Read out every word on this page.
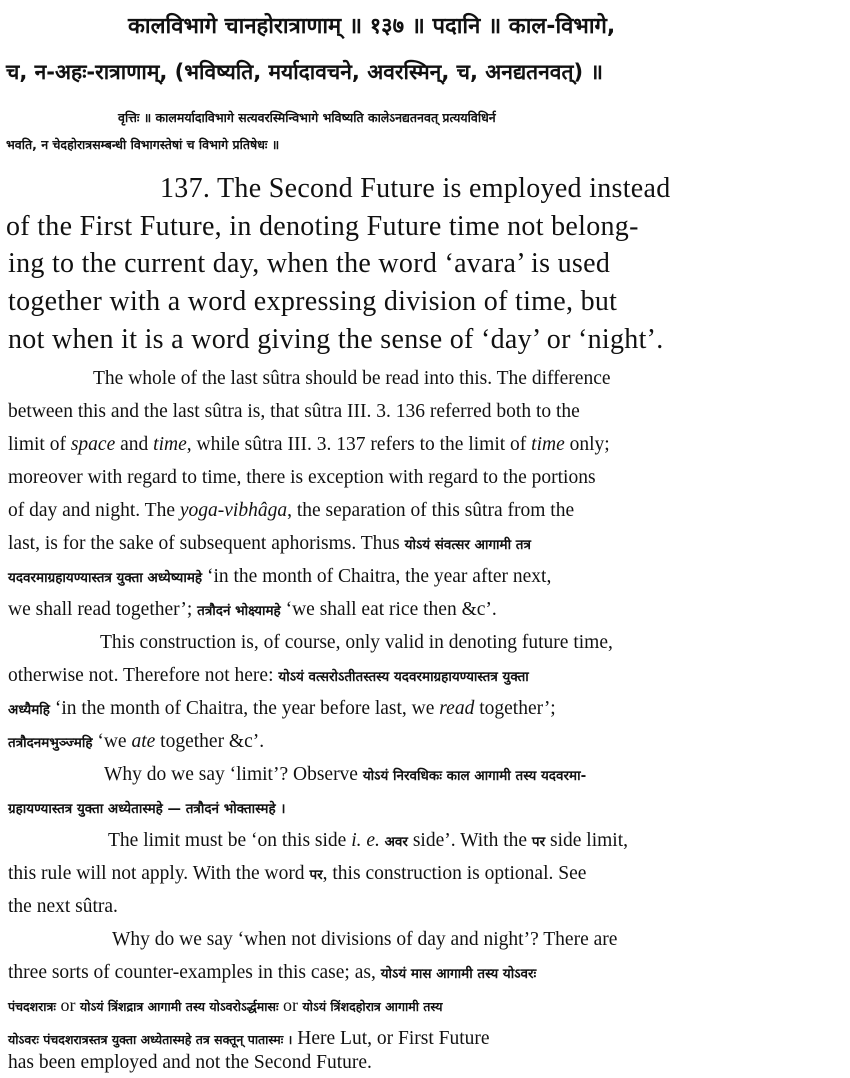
कालविभागे चानहोरात्राणाम् ॥ १३७ ॥ पदानि ॥ काल-विभागे,

च, न-अहः-रात्राणाम्, (भविष्यति, मर्यादावचने, अवरस्मिन्, च, अनद्यतनवत्) ॥

वृत्तिः ॥ कालमर्यादाविभागे सत्यवरस्मिन्विभागे भविष्यति कालेऽनद्यतनवत् प्रत्ययविधिर्न

भवति, न चेदहोरात्रसम्बन्धी विभागस्तेषां च विभागे प्रतिषेधः ॥

137. The Second Future is employed instead

of the First Future, in denoting Future time not belong-

ing to the current day, when the word ‘avara’ is used

together with a word expressing division of time, but

not when it is a word giving the sense of ‘day’ or ‘night’.

The whole of the last sûtra should be read into this. The difference

between this and the last sûtra is, that sûtra III. 3. 136 referred both to the

limit of space and time, while sûtra III. 3. 137 refers to the limit of time only;

moreover with regard to time, there is exception with regard to the portions

of day and night. The yoga-vibhâga, the separation of this sûtra from the

last, is for the sake of subsequent aphorisms. Thus योऽयं संवत्सर आगामी तत्र

यदवरमाग्रहायण्यास्तत्र युक्ता अध्येष्यामहे ‘in the month of Chaitra, the year after next,

we shall read together’; तत्रौदनं भोक्ष्यामहे ‘we shall eat rice then &c’.

This construction is, of course, only valid in denoting future time,

otherwise not. Therefore not here: योऽयं वत्सरोऽतीतस्तस्य यदवरमाग्रहायण्यास्तत्र युक्ता

अध्यैमहि ‘in the month of Chaitra, the year before last, we read together’;

तत्रौदनमभुञ्ज्महि ‘we ate together &c’.

Why do we say ‘limit’? Observe योऽयं निरवधिकः काल आगामी तस्य यदवरमा-

ग्रहायण्यास्तत्र युक्ता अध्येतास्महे — तत्रौदनं भोक्तास्महे ।

The limit must be ‘on this side i. e. अवर side’. With the पर side limit,

this rule will not apply. With the word पर, this construction is optional. See

the next sûtra.

Why do we say ‘when not divisions of day and night’? There are

three sorts of counter-examples in this case; as, योऽयं मास आगामी तस्य योऽवरः

पंचदशरात्रः or योऽयं त्रिंशद्रात्र आगामी तस्य योऽवरोऽर्द्धमासः or योऽयं त्रिंशदहोरात्र आगामी तस्य

योऽवरः पंचदशरात्रस्तत्र युक्ता अध्येतास्महे तत्र सक्तून् पातास्मः । Here Lut, or First Future

has been employed and not the Second Future.
